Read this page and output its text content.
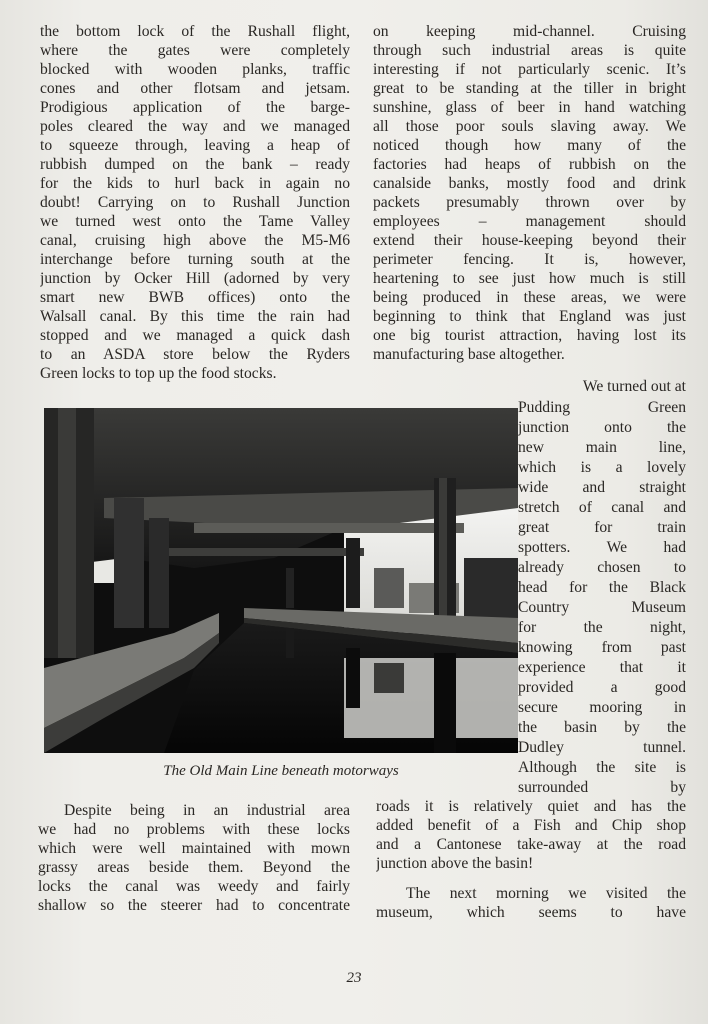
the bottom lock of the Rushall flight,
where the gates were completely
blocked with wooden planks, traffic
cones and other flotsam and jetsam.
Prodigious application of the barge-
poles cleared the way and we managed
to squeeze through, leaving a heap of
rubbish dumped on the bank – ready
for the kids to hurl back in again no
doubt! Carrying on to Rushall Junction
we turned west onto the Tame Valley
canal, cruising high above the M5-M6
interchange before turning south at the
junction by Ocker Hill (adorned by very
smart new BWB offices) onto the
Walsall canal. By this time the rain had
stopped and we managed a quick dash
to an ASDA store below the Ryders
Green locks to top up the food stocks.
on keeping mid-channel. Cruising
through such industrial areas is quite
interesting if not particularly scenic. It’s
great to be standing at the tiller in bright
sunshine, glass of beer in hand watching
all those poor souls slaving away. We
noticed though how many of the
factories had heaps of rubbish on the
canalside banks, mostly food and drink
packets presumably thrown over by
employees – management should
extend their house-keeping beyond their
perimeter fencing. It is, however,
heartening to see just how much is still
being produced in these areas, we were
beginning to think that England was just
one big tourist attraction, having lost its
manufacturing base altogether.
We turned out at
Pudding Green
junction onto the
new main line,
which is a lovely
wide and straight
stretch of canal and
great for train
spotters. We had
already chosen to
head for the Black
Country Museum
for the night,
knowing from past
experience that it
provided a good
secure mooring in
the basin by the
Dudley tunnel.
Although the site is
surrounded by
The Old Main Line beneath motorways
Despite being in an industrial area
we had no problems with these locks
which were well maintained with mown
grassy areas beside them. Beyond the
locks the canal was weedy and fairly
shallow so the steerer had to concentrate
roads it is relatively quiet and has the
added benefit of a Fish and Chip shop
and a Cantonese take-away at the road
junction above the basin!
The next morning we visited the
museum, which seems to have
23
